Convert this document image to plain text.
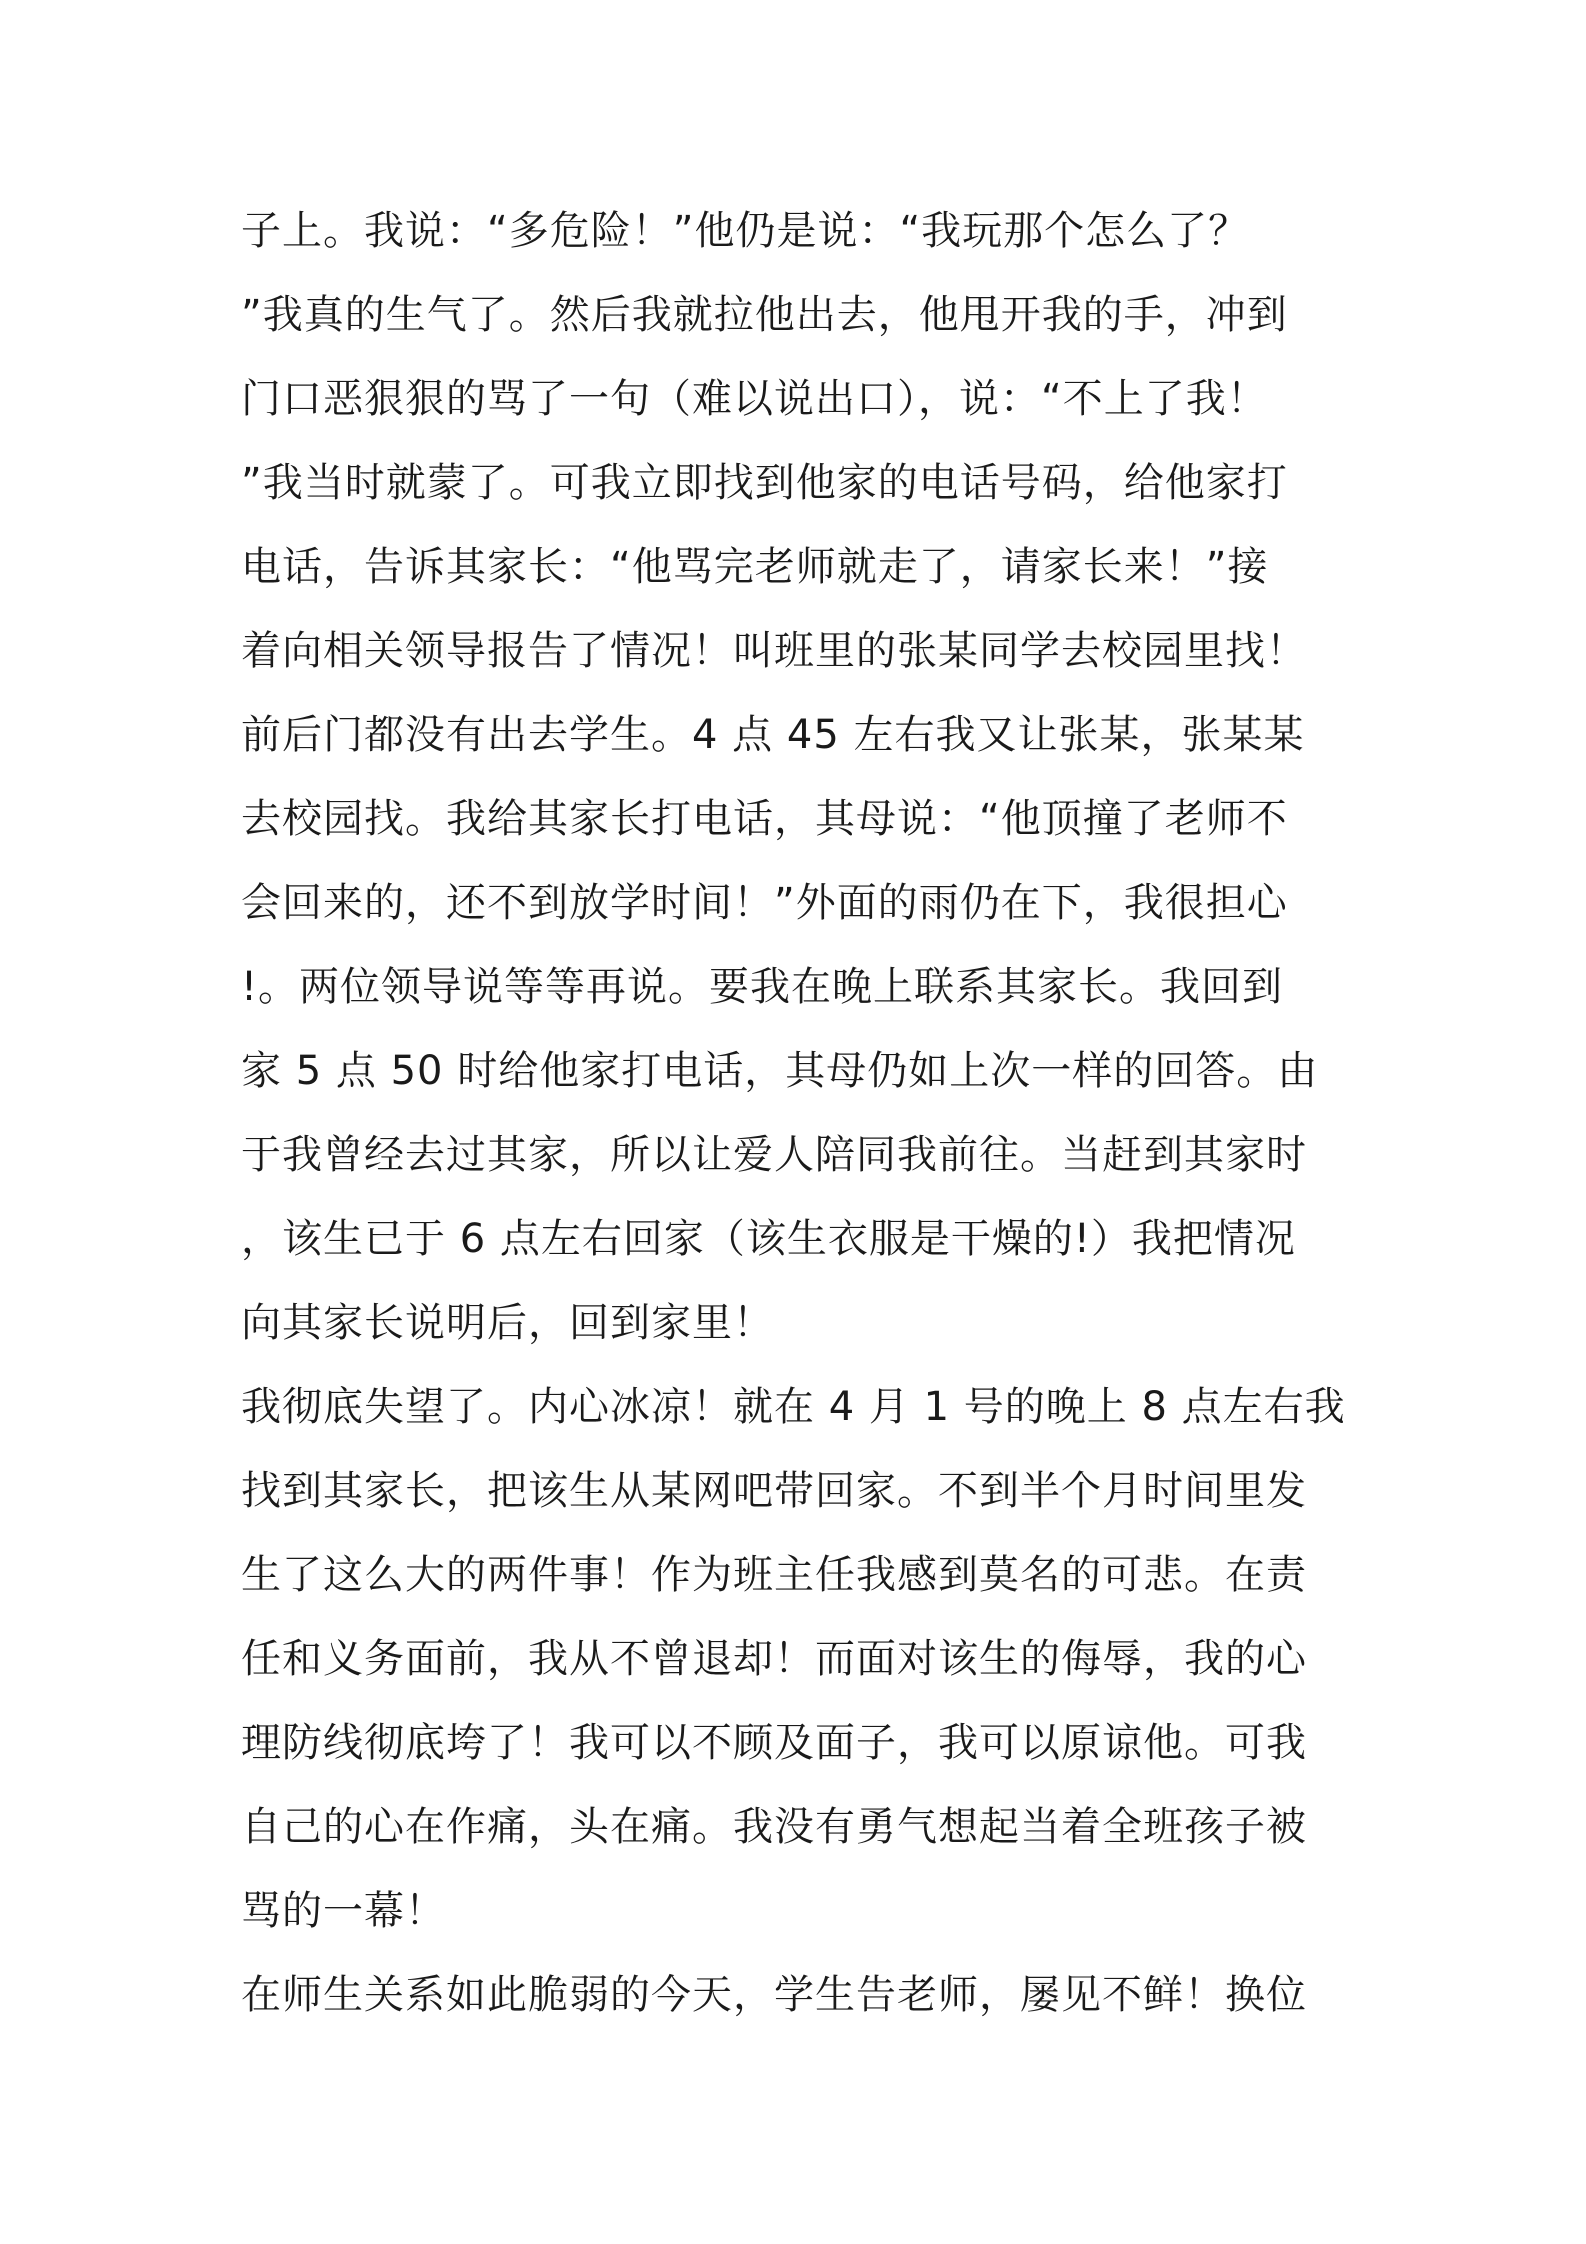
子上。我说：“多危险！”他仍是说：“我玩那个怎么了？
”我真的生气了。然后我就拉他出去，他甩开我的手，冲到
门口恶狠狠的骂了一句（难以说出口），说：“不上了我！
”我当时就蒙了。可我立即找到他家的电话号码，给他家打
电话，告诉其家长：“他骂完老师就走了，请家长来！”接
着向相关领导报告了情况！叫班里的张某同学去校园里找！
前后门都没有出去学生。4 点 45 左右我又让张某，张某某
去校园找。我给其家长打电话，其母说：“他顶撞了老师不
会回来的，还不到放学时间！”外面的雨仍在下，我很担心
!。两位领导说等等再说。要我在晚上联系其家长。我回到
家 5 点 50 时给他家打电话，其母仍如上次一样的回答。由
于我曾经去过其家，所以让爱人陪同我前往。当赶到其家时
，该生已于 6 点左右回家（该生衣服是干燥的!）我把情况
向其家长说明后，回到家里！
我彻底失望了。内心冰凉！就在 4 月 1 号的晚上 8 点左右我
找到其家长，把该生从某网吧带回家。不到半个月时间里发
生了这么大的两件事！作为班主任我感到莫名的可悲。在责
任和义务面前，我从不曾退却！而面对该生的侮辱，我的心
理防线彻底垮了！我可以不顾及面子，我可以原谅他。可我
自己的心在作痛，头在痛。我没有勇气想起当着全班孩子被
骂的一幕！
在师生关系如此脆弱的今天，学生告老师，屡见不鲜！换位
